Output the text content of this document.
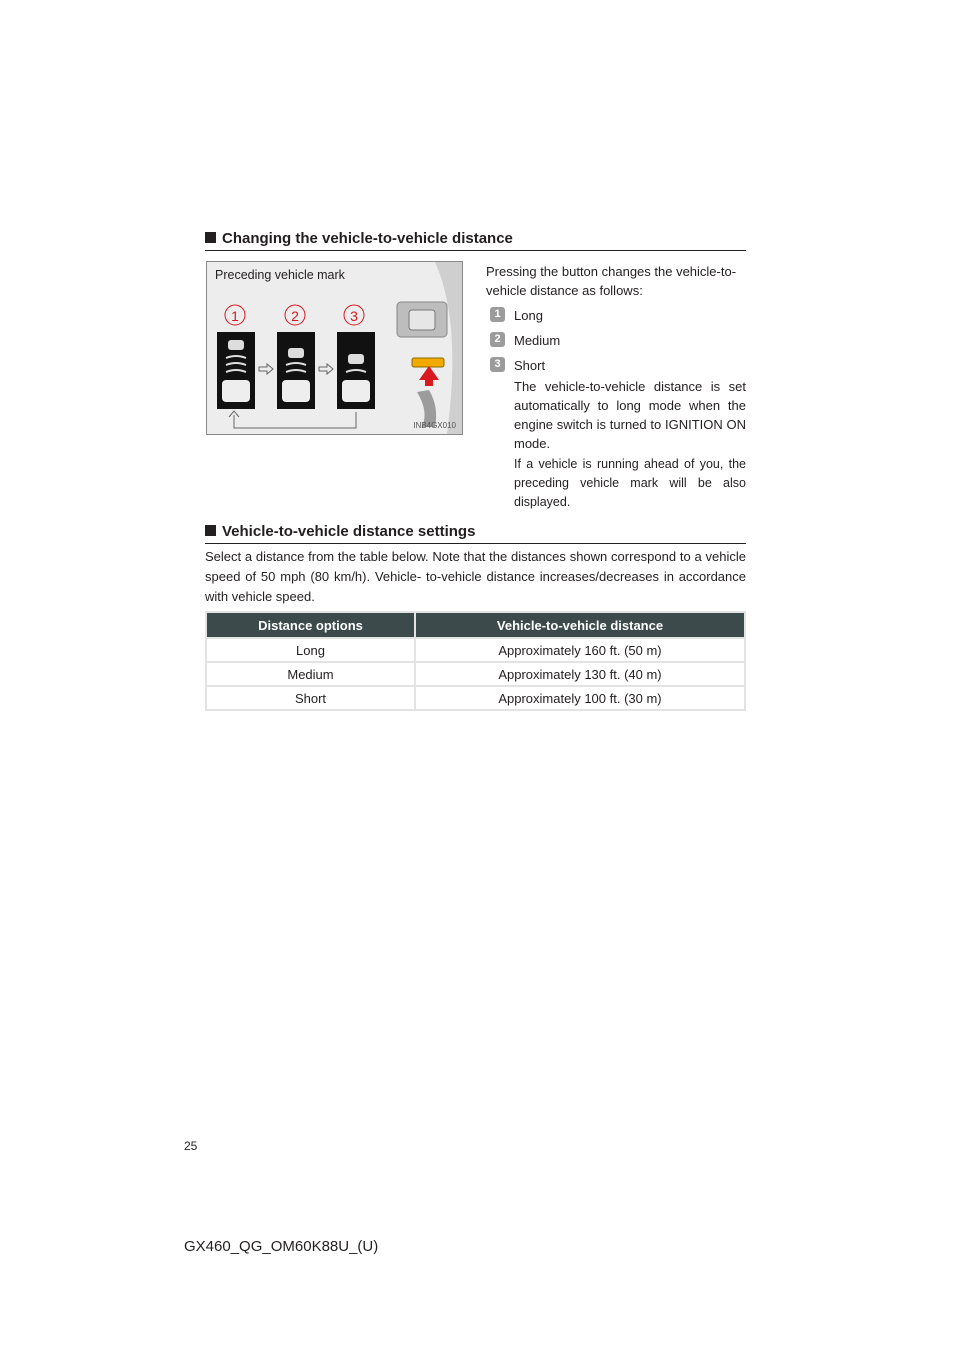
Changing the vehicle-to-vehicle distance
1	2	3
Preceding vehicle mark
INB4GX010

Pressing the button changes the vehicle-to-vehicle distance as follows:

1	Long
2	Medium
3	Short
The vehicle-to-vehicle distance is set automatically to long mode when the engine switch is turned to IGNITION ON mode.
If a vehicle is running ahead of you, the preceding vehicle mark will be also displayed.
Vehicle-to-vehicle distance settings
Select a distance from the table below. Note that the distances shown correspond to a vehicle speed of 50 mph (80 km/h). Vehicle- to-vehicle distance increases/decreases in accordance with vehicle speed.
Distance options	Vehicle-to-vehicle distance
Long	Approximately 160 ft. (50 m)
Medium	Approximately 130 ft. (40 m)
Short	Approximately 100 ft. (30 m)
25
GX460_QG_OM60K88U_(U)
